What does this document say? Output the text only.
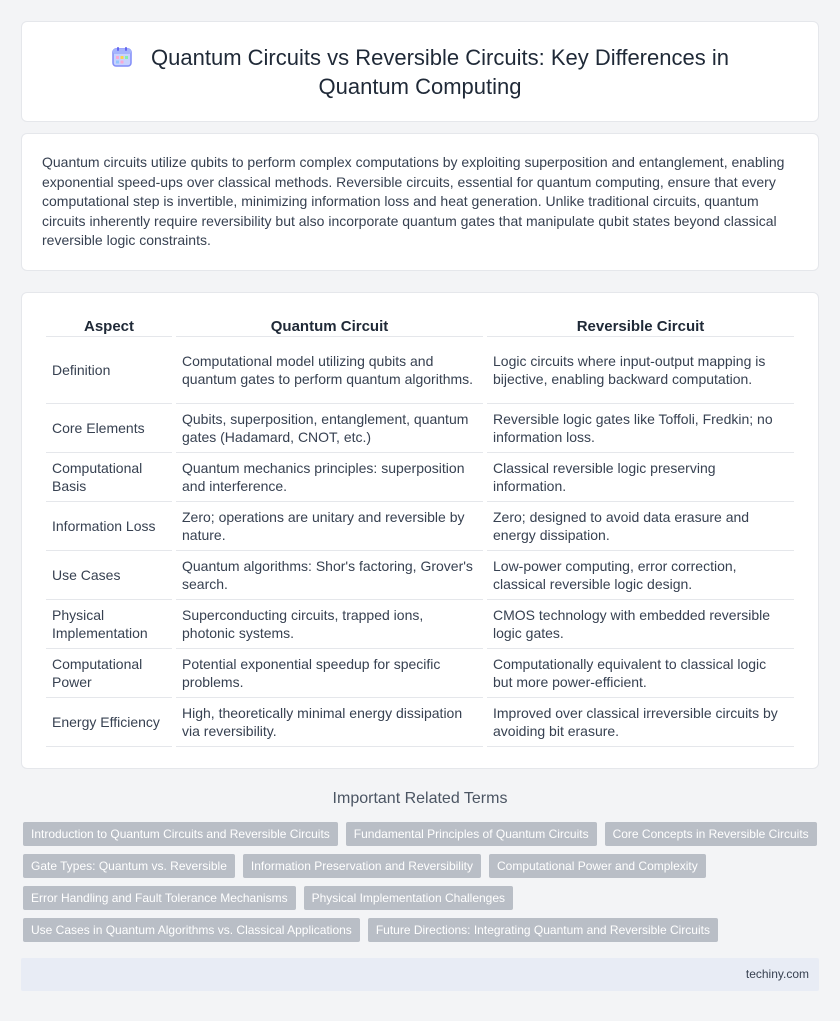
Quantum Circuits vs Reversible Circuits: Key Differences in
Quantum Computing

Quantum circuits utilize qubits to perform complex computations by exploiting superposition and entanglement, enabling exponential speed-ups over classical methods. Reversible circuits, essential for quantum computing, ensure that every computational step is invertible, minimizing information loss and heat generation. Unlike traditional circuits, quantum circuits inherently require reversibility but also incorporate quantum gates that manipulate qubit states beyond classical reversible logic constraints.

Aspect	Quantum Circuit	Reversible Circuit
Definition	Computational model utilizing qubits and quantum gates to perform quantum algorithms.	Logic circuits where input-output mapping is bijective, enabling backward computation.
Core Elements	Qubits, superposition, entanglement, quantum gates (Hadamard, CNOT, etc.)	Reversible logic gates like Toffoli, Fredkin; no information loss.
Computational Basis	Quantum mechanics principles: superposition and interference.	Classical reversible logic preserving information.
Information Loss	Zero; operations are unitary and reversible by nature.	Zero; designed to avoid data erasure and energy dissipation.
Use Cases	Quantum algorithms: Shor's factoring, Grover's search.	Low-power computing, error correction, classical reversible logic design.
Physical Implementation	Superconducting circuits, trapped ions, photonic systems.	CMOS technology with embedded reversible logic gates.
Computational Power	Potential exponential speedup for specific problems.	Computationally equivalent to classical logic but more power-efficient.
Energy Efficiency	High, theoretically minimal energy dissipation via reversibility.	Improved over classical irreversible circuits by avoiding bit erasure.
Important Related Terms
Introduction to Quantum Circuits and Reversible Circuits	Fundamental Principles of Quantum Circuits	Core Concepts in Reversible Circuits
Gate Types: Quantum vs. Reversible	Information Preservation and Reversibility	Computational Power and Complexity
Error Handling and Fault Tolerance Mechanisms	Physical Implementation Challenges
Use Cases in Quantum Algorithms vs. Classical Applications	Future Directions: Integrating Quantum and Reversible Circuits
techiny.com
